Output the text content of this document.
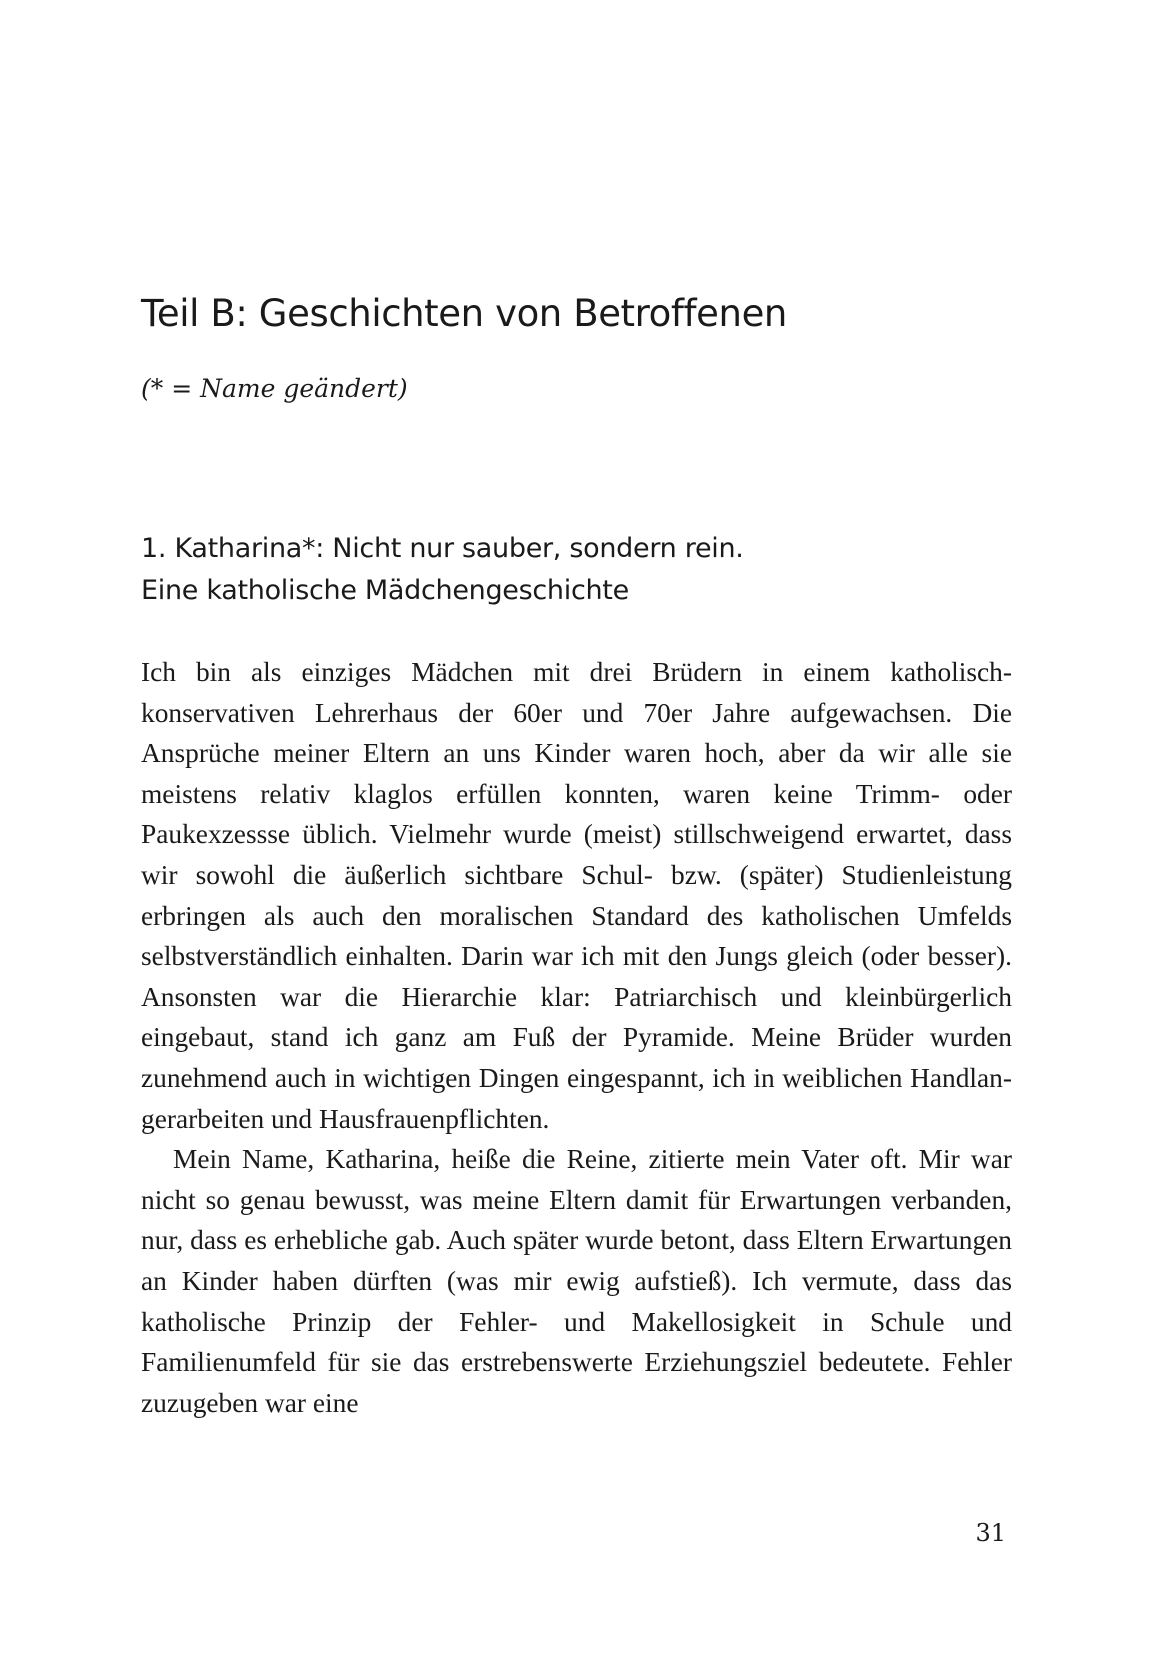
Teil B: Geschichten von Betroffenen

(* = Name geändert)

1. Katharina*: Nicht nur sauber, sondern rein.
Eine katholische Mädchengeschichte

Ich bin als einziges Mädchen mit drei Brüdern in einem katholisch-konservativen Lehrerhaus der 60er und 70er Jahre aufgewachsen. Die Ansprüche meiner Eltern an uns Kinder waren hoch, aber da wir alle sie meistens relativ klaglos erfüllen konnten, waren keine Trimm- oder Paukexzessse üblich. Vielmehr wurde (meist) stillschweigend erwartet, dass wir sowohl die äußerlich sichtbare Schul- bzw. (später) Studienleistung erbringen als auch den moralischen Standard des katholischen Umfelds selbstverständlich einhalten. Darin war ich mit den Jungs gleich (oder besser). Ansonsten war die Hierarchie klar: Patriarchisch und kleinbürgerlich eingebaut, stand ich ganz am Fuß der Pyramide. Meine Brüder wurden zunehmend auch in wichtigen Dingen eingespannt, ich in weiblichen Handlangerarbeiten und Hausfrauenpflichten.

Mein Name, Katharina, heiße die Reine, zitierte mein Vater oft. Mir war nicht so genau bewusst, was meine Eltern damit für Erwartungen verbanden, nur, dass es erhebliche gab. Auch später wurde betont, dass Eltern Erwartungen an Kinder haben dürften (was mir ewig aufstieß). Ich vermute, dass das katholische Prinzip der Fehler- und Makellosigkeit in Schule und Familienumfeld für sie das erstrebenswerte Erziehungsziel bedeutete. Fehler zuzugeben war eine

31
